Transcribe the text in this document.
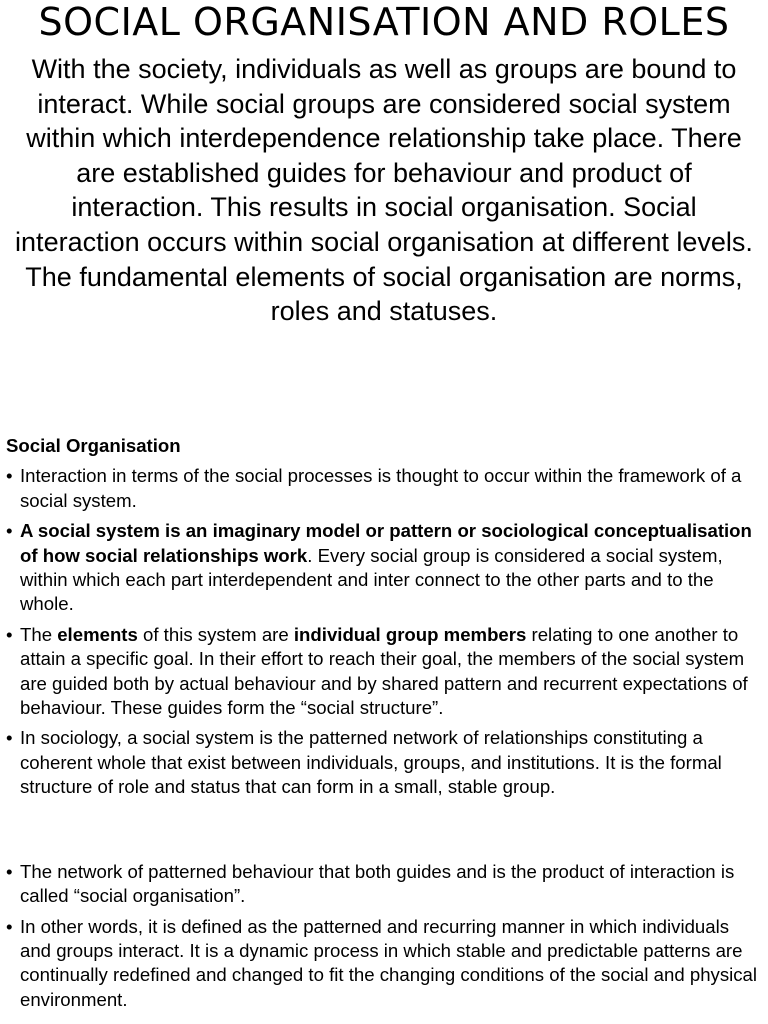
SOCIAL ORGANISATION AND ROLES
With the society, individuals as well as groups are bound to interact. While social groups are considered social system within which interdependence relationship take place. There are established guides for behaviour and product of interaction. This results in social organisation. Social interaction occurs within social organisation at different levels. The fundamental elements of social organisation are norms, roles and statuses.
Social Organisation
• Interaction in terms of the social processes is thought to occur within the framework of a social system.
• A social system is an imaginary model or pattern or sociological conceptualisation of how social relationships work. Every social group is considered a social system, within which each part interdependent and inter connect to the other parts and to the whole.
• The elements of this system are individual group members relating to one another to attain a specific goal. In their effort to reach their goal, the members of the social system are guided both by actual behaviour and by shared pattern and recurrent expectations of behaviour. These guides form the “social structure”.
• In sociology, a social system is the patterned network of relationships constituting a coherent whole that exist between individuals, groups, and institutions. It is the formal structure of role and status that can form in a small, stable group.
• The network of patterned behaviour that both guides and is the product of interaction is called “social organisation”.
• In other words, it is defined as the patterned and recurring manner in which individuals and groups interact. It is a dynamic process in which stable and predictable patterns are continually redefined and changed to fit the changing conditions of the social and physical environment.
